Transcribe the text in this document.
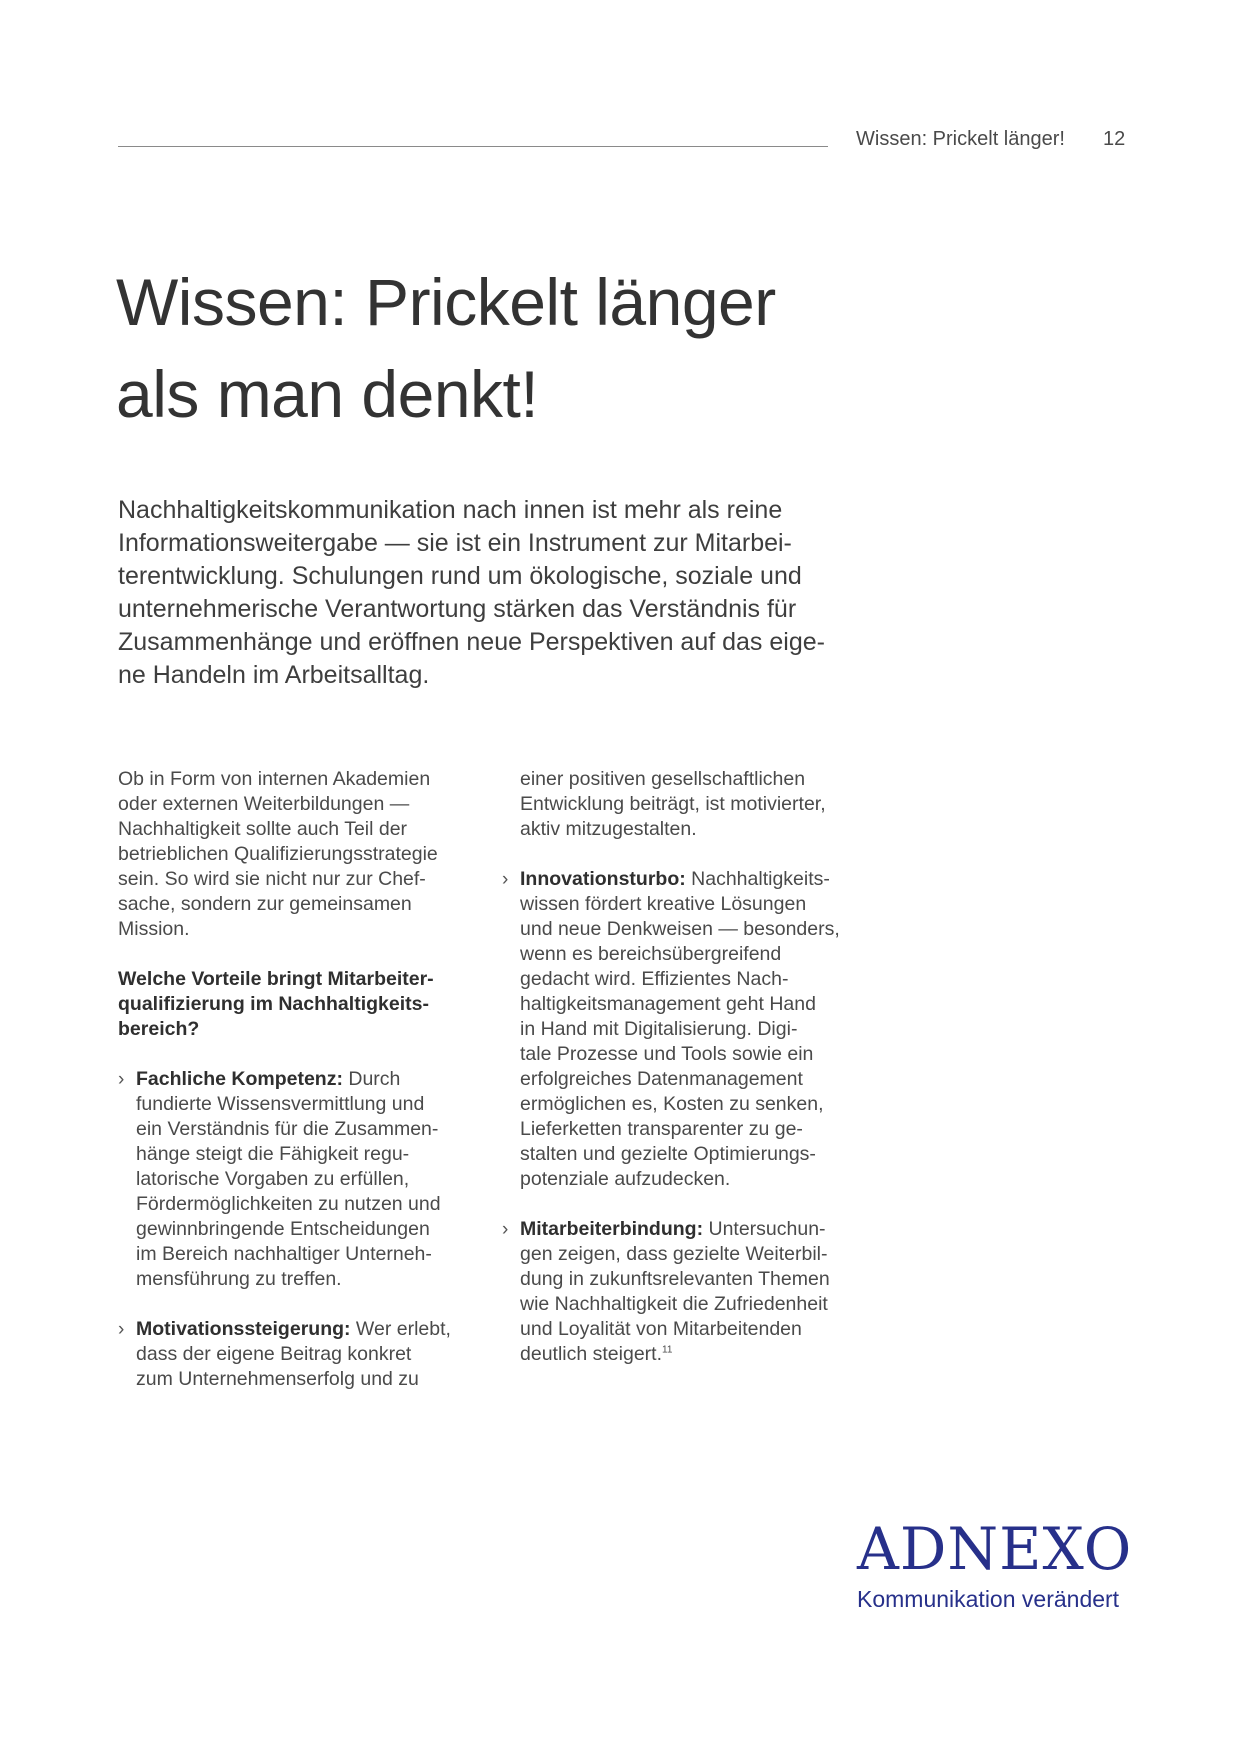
Wissen: Prickelt länger! 12
Wissen: Prickelt länger
als man denkt!
Nachhaltigkeitskommunikation nach innen ist mehr als reine
Informationsweitergabe — sie ist ein Instrument zur Mitarbei-
terentwicklung. Schulungen rund um ökologische, soziale und
unternehmerische Verantwortung stärken das Verständnis für
Zusammenhänge und eröffnen neue Perspektiven auf das eige-
ne Handeln im Arbeitsalltag.
Ob in Form von internen Akademien
oder externen Weiterbildungen —
Nachhaltigkeit sollte auch Teil der
betrieblichen Qualifizierungsstrategie
sein. So wird sie nicht nur zur Chef-
sache, sondern zur gemeinsamen
Mission.
Welche Vorteile bringt Mitarbeiter-
qualifizierung im Nachhaltigkeits-
bereich?
› Fachliche Kompetenz: Durch
fundierte Wissensvermittlung und
ein Verständnis für die Zusammen-
hänge steigt die Fähigkeit regu-
latorische Vorgaben zu erfüllen,
Fördermöglichkeiten zu nutzen und
gewinnbringende Entscheidungen
im Bereich nachhaltiger Unterneh-
mensführung zu treffen.
› Motivationssteigerung: Wer erlebt,
dass der eigene Beitrag konkret
zum Unternehmenserfolg und zu
einer positiven gesellschaftlichen
Entwicklung beiträgt, ist motivierter,
aktiv mitzugestalten.
› Innovationsturbo: Nachhaltigkeits-
wissen fördert kreative Lösungen
und neue Denkweisen — besonders,
wenn es bereichsübergreifend
gedacht wird. Effizientes Nach-
haltigkeitsmanagement geht Hand
in Hand mit Digitalisierung. Digi-
tale Prozesse und Tools sowie ein
erfolgreiches Datenmanagement
ermöglichen es, Kosten zu senken,
Lieferketten transparenter zu ge-
stalten und gezielte Optimierungs-
potenziale aufzudecken.
› Mitarbeiterbindung: Untersuchun-
gen zeigen, dass gezielte Weiterbil-
dung in zukunftsrelevanten Themen
wie Nachhaltigkeit die Zufriedenheit
und Loyalität von Mitarbeitenden
deutlich steigert.$^{11}$
ADNEXO
Kommunikation verändert
